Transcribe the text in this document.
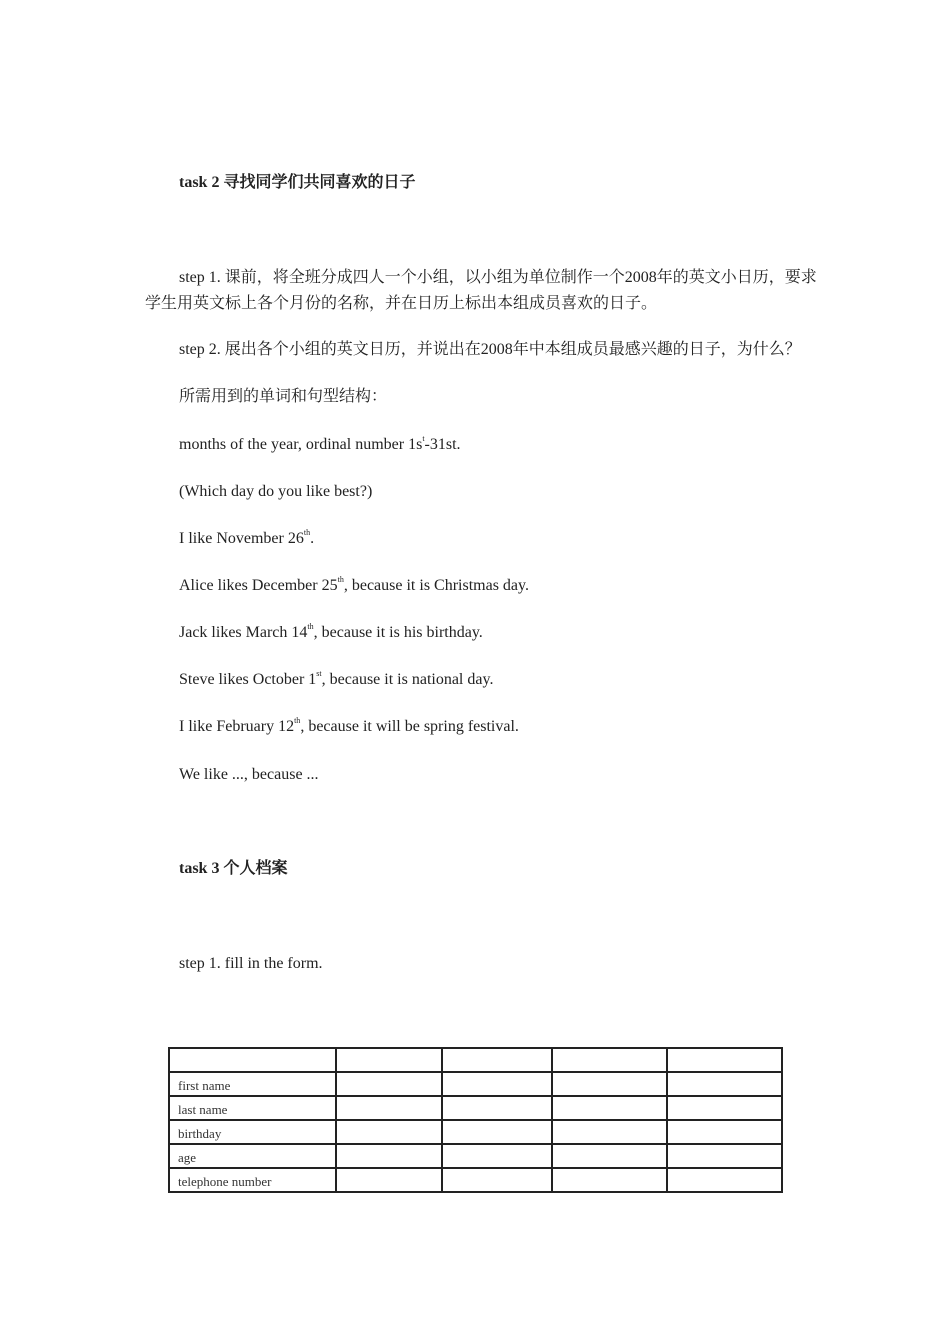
task 2 寻找同学们共同喜欢的日子
step 1. 课前，将全班分成四人一个小组，以小组为单位制作一个2008年的英文小日历，要求学生用英文标上各个月份的名称，并在日历上标出本组成员喜欢的日子。
step 2. 展出各个小组的英文日历，并说出在2008年中本组成员最感兴趣的日子，为什么？
所需用到的单词和句型结构：
months of the year, ordinal number $1s^t-31st$.
(Which day do you like best?)
I like November 26th.
Alice likes December 25th, because it is Christmas day.
Jack likes March 14th, because it is his birthday.
Steve likes October 1st, because it is national day.
I like February 12th, because it will be spring festival.
We like ..., because ...
task 3 个人档案
step 1. fill in the form.

first name				
last name				
birthday				
age				
telephone number				
